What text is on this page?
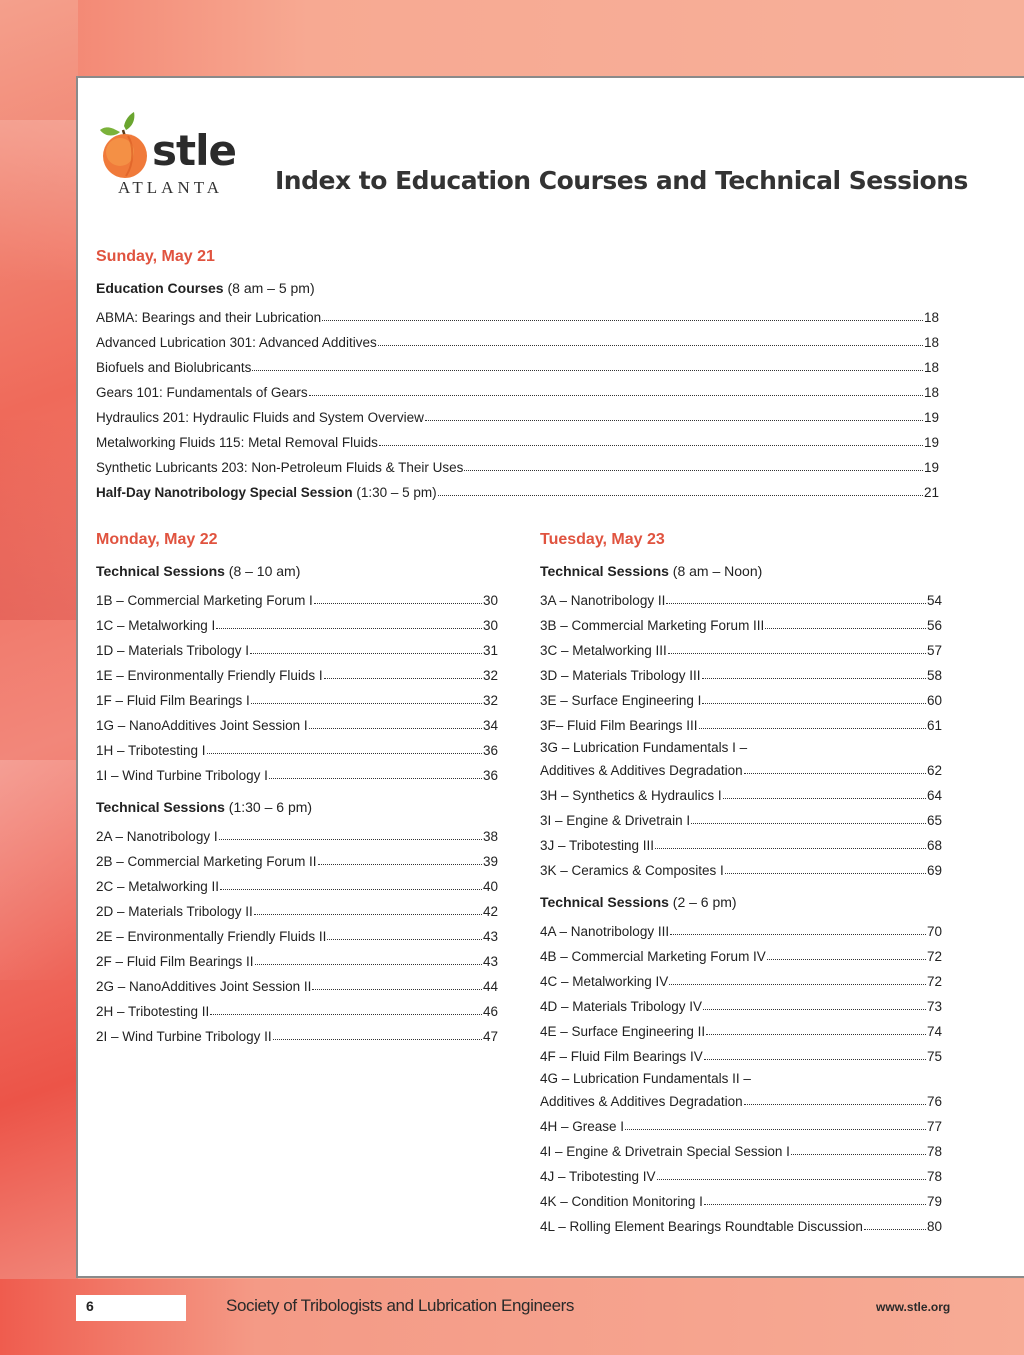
stle
ATLANTA Index to Education Courses and Technical Sessions
Sunday, May 21
Education Courses (8 am – 5 pm)
ABMA: Bearings and their Lubrication	18
Advanced Lubrication 301: Advanced Additives	18
Biofuels and Biolubricants	18
Gears 101: Fundamentals of Gears	18
Hydraulics 201: Hydraulic Fluids and System Overview	19
Metalworking Fluids 115: Metal Removal Fluids	19
Synthetic Lubricants 203: Non-Petroleum Fluids & Their Uses	19
Half-Day Nanotribology Special Session (1:30 – 5 pm)	21
Monday, May 22
Technical Sessions (8 – 10 am)
1B – Commercial Marketing Forum I	30
1C – Metalworking I	30
1D – Materials Tribology I	31
1E – Environmentally Friendly Fluids I	32
1F – Fluid Film Bearings I	32
1G – NanoAdditives Joint Session I	34
1H – Tribotesting I	36
1I – Wind Turbine Tribology I	36
Technical Sessions (1:30 – 6 pm)
2A – Nanotribology I	38
2B – Commercial Marketing Forum II	39
2C – Metalworking II	40
2D – Materials Tribology II	42
2E – Environmentally Friendly Fluids II	43
2F – Fluid Film Bearings II	43
2G – NanoAdditives Joint Session II	44
2H – Tribotesting II	46
2I – Wind Turbine Tribology II	47
Tuesday, May 23
Technical Sessions (8 am – Noon)
3A – Nanotribology II	54
3B – Commercial Marketing Forum III	56
3C – Metalworking III	57
3D – Materials Tribology III	58
3E – Surface Engineering I	60
3F– Fluid Film Bearings III	61
3G – Lubrication Fundamentals I –
Additives & Additives Degradation	62
3H – Synthetics & Hydraulics I	64
3I – Engine & Drivetrain I	65
3J – Tribotesting III	68
3K – Ceramics & Composites I	69
Technical Sessions (2 – 6 pm)
4A – Nanotribology III	70
4B – Commercial Marketing Forum IV	72
4C – Metalworking IV	72
4D – Materials Tribology IV	73
4E – Surface Engineering II	74
4F – Fluid Film Bearings IV	75
4G – Lubrication Fundamentals II –
Additives & Additives Degradation	76
4H – Grease I	77
4I – Engine & Drivetrain Special Session I	78
4J – Tribotesting IV	78
4K – Condition Monitoring I	79
4L – Rolling Element Bearings Roundtable Discussion	80
6	Society of Tribologists and Lubrication Engineers	www.stle.org
